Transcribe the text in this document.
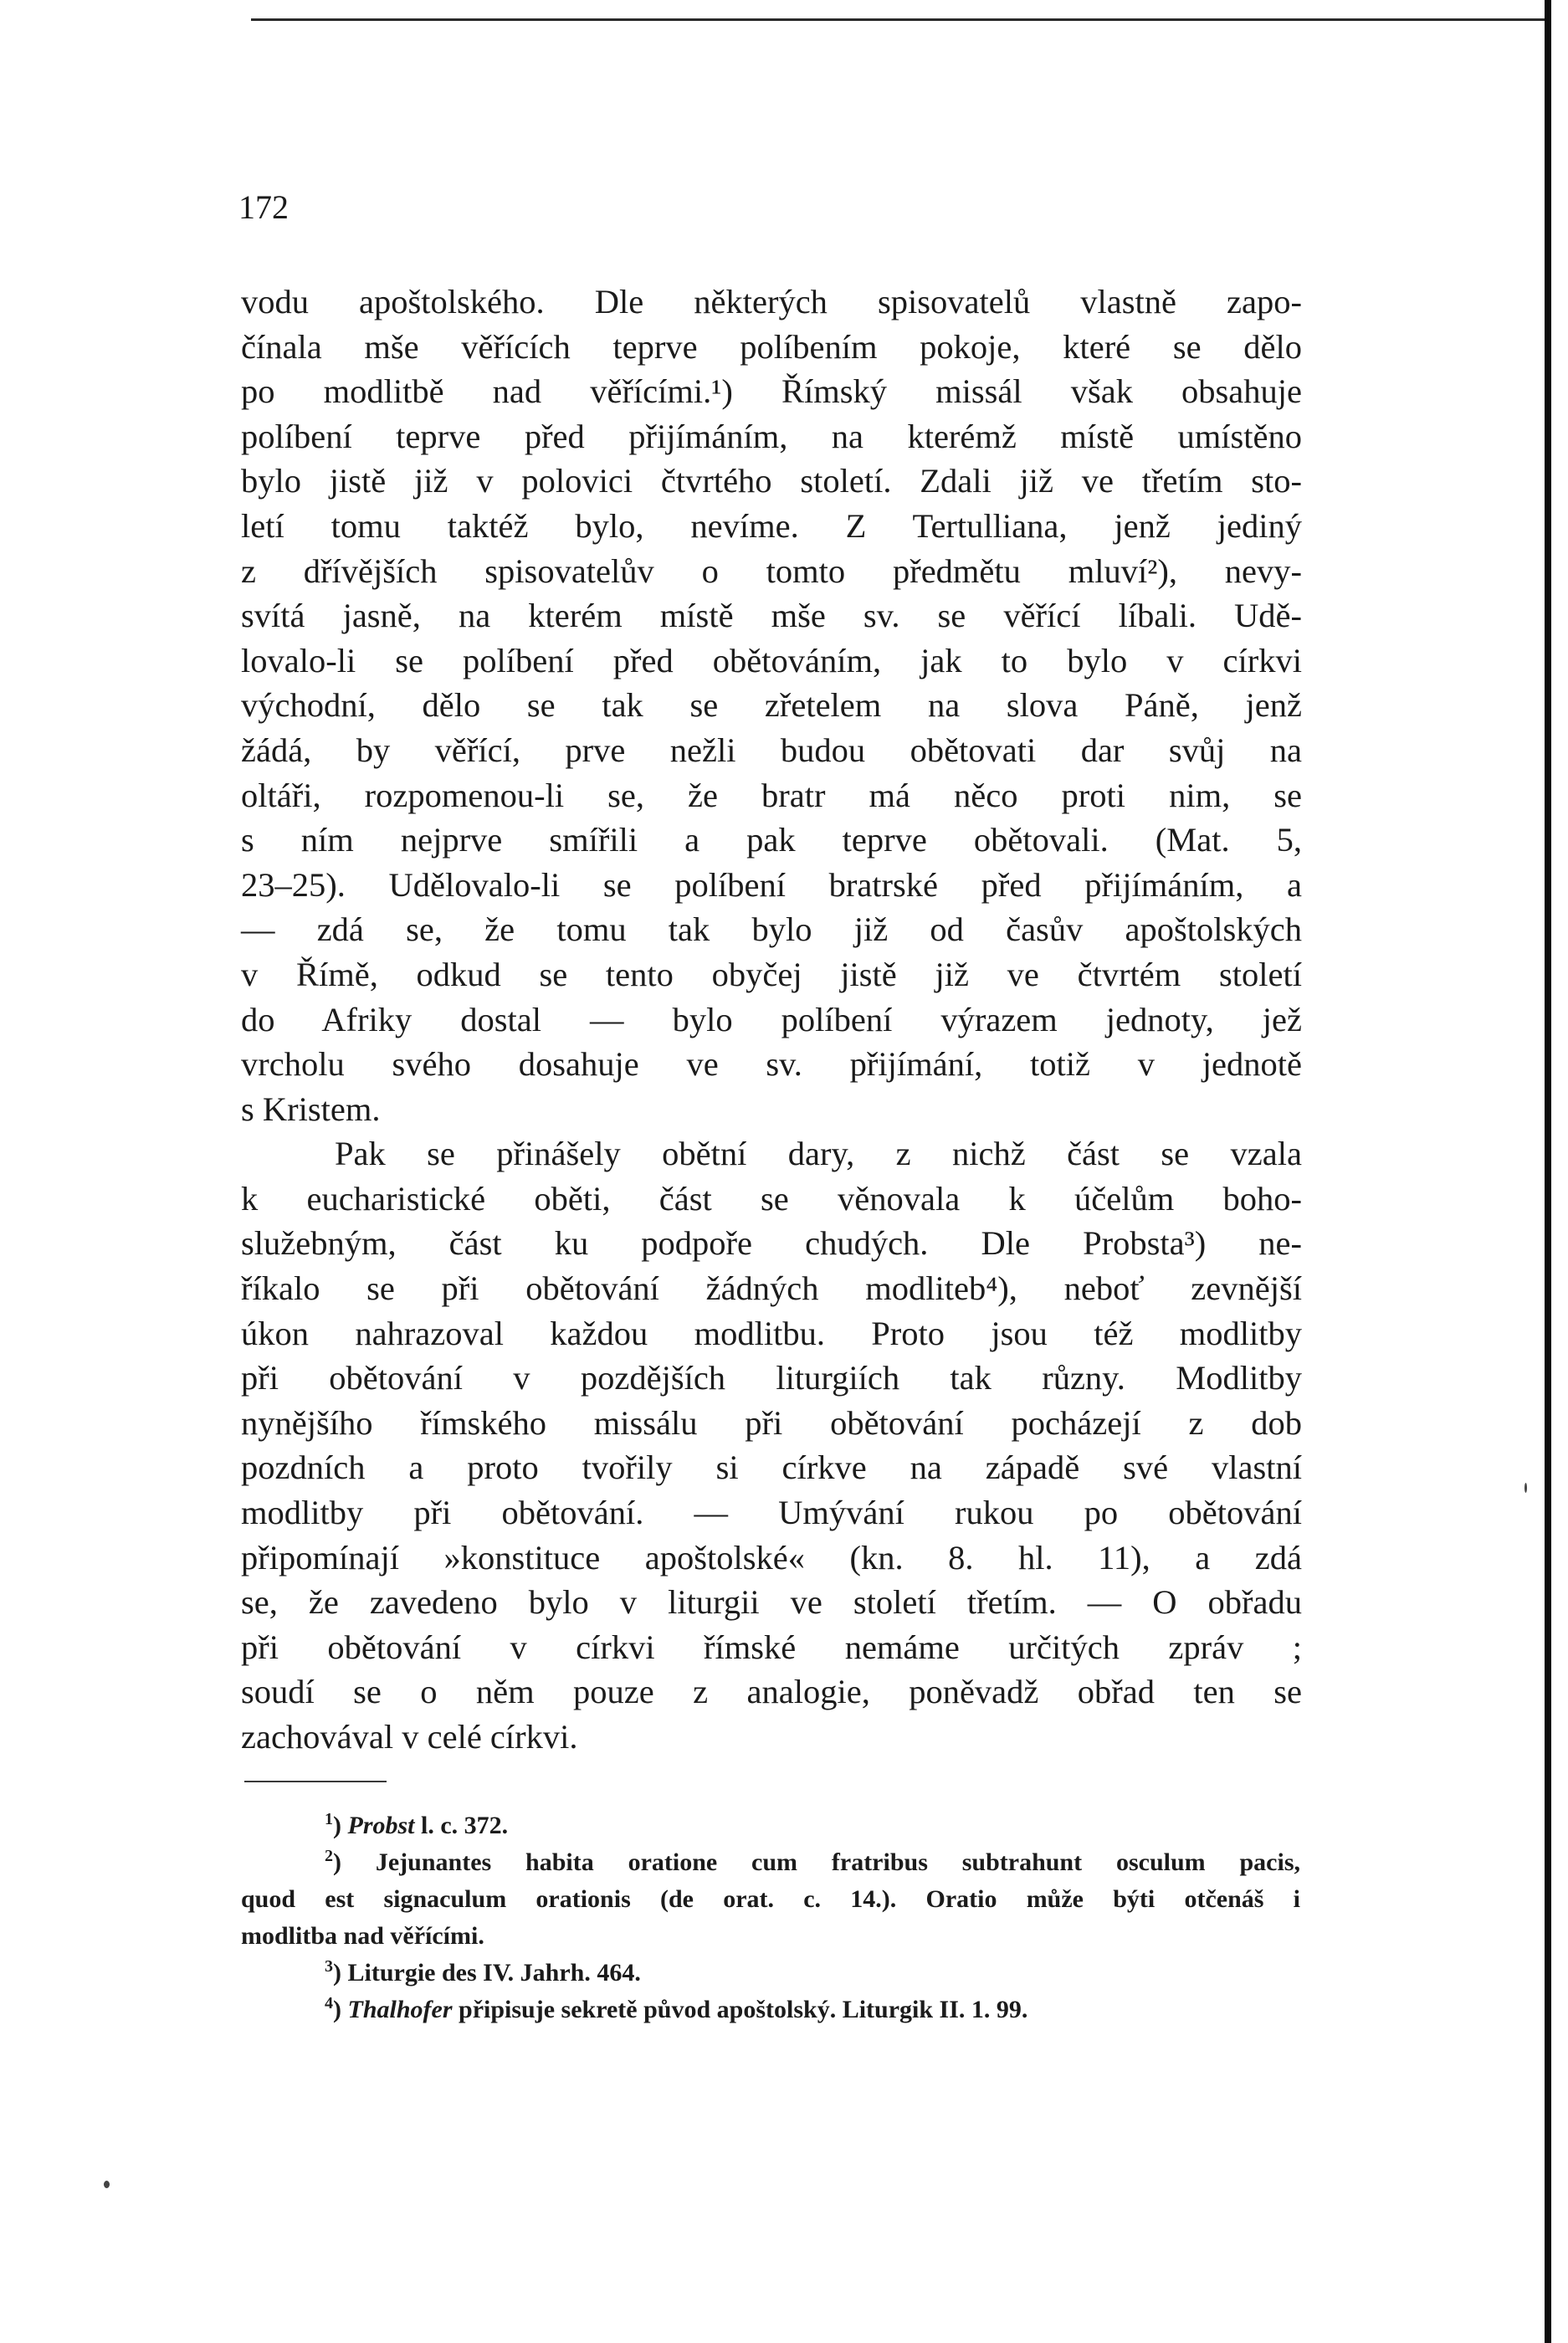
172
vodu apoštolského. Dle některých spisovatelů vlastně zapo-
čínala mše věřících teprve políbením pokoje, které se dělo
po modlitbě nad věřícími.¹) Římský missál však obsahuje
políbení teprve před přijímáním, na kterémž místě umístěno
bylo jistě již v polovici čtvrtého století. Zdali již ve třetím sto-
letí tomu taktéž bylo, nevíme. Z Tertulliana, jenž jediný
z dřívějších spisovatelův o tomto předmětu mluví²), nevy-
svítá jasně, na kterém místě mše sv. se věřící líbali. Udě-
lovalo-li se políbení před obětováním, jak to bylo v církvi
východní, dělo se tak se zřetelem na slova Páně, jenž
žádá, by věřící, prve nežli budou obětovati dar svůj na
oltáři, rozpomenou-li se, že bratr má něco proti nim, se
s ním nejprve smířili a pak teprve obětovali. (Mat. 5,
23–25). Udělovalo-li se políbení bratrské před přijímáním, a
— zdá se, že tomu tak bylo již od časův apoštolských
v Římě, odkud se tento obyčej jistě již ve čtvrtém století
do Afriky dostal — bylo políbení výrazem jednoty, jež
vrcholu svého dosahuje ve sv. přijímání, totiž v jednotě
s Kristem.
Pak se přinášely obětní dary, z nichž část se vzala
k eucharistické oběti, část se věnovala k účelům boho-
služebným, část ku podpoře chudých. Dle Probsta³) ne-
říkalo se při obětování žádných modliteb⁴), neboť zevnější
úkon nahrazoval každou modlitbu. Proto jsou též modlitby
při obětování v pozdějších liturgiích tak různy. Modlitby
nynějšího římského missálu při obětování pocházejí z dob
pozdních a proto tvořily si církve na západě své vlastní
modlitby při obětování. — Umývání rukou po obětování
připomínají »konstituce apoštolské« (kn. 8. hl. 11), a zdá
se, že zavedeno bylo v liturgii ve století třetím. — O obřadu
při obětování v církvi římské nemáme určitých zpráv ;
soudí se o něm pouze z analogie, poněvadž obřad ten se
zachovával v celé církvi.
$^1$) Probst l. c. 372.
$^2$) Jejunantes habita oratione cum fratribus subtrahunt osculum pacis,
quod est signaculum orationis (de orat. c. 14.). Oratio může býti otčenáš i
modlitba nad věřícími.
$^3$) Liturgie des IV. Jahrh. 464.
$^4$) Thalhofer připisuje sekretě původ apoštolský. Liturgik II. 1. 99.
